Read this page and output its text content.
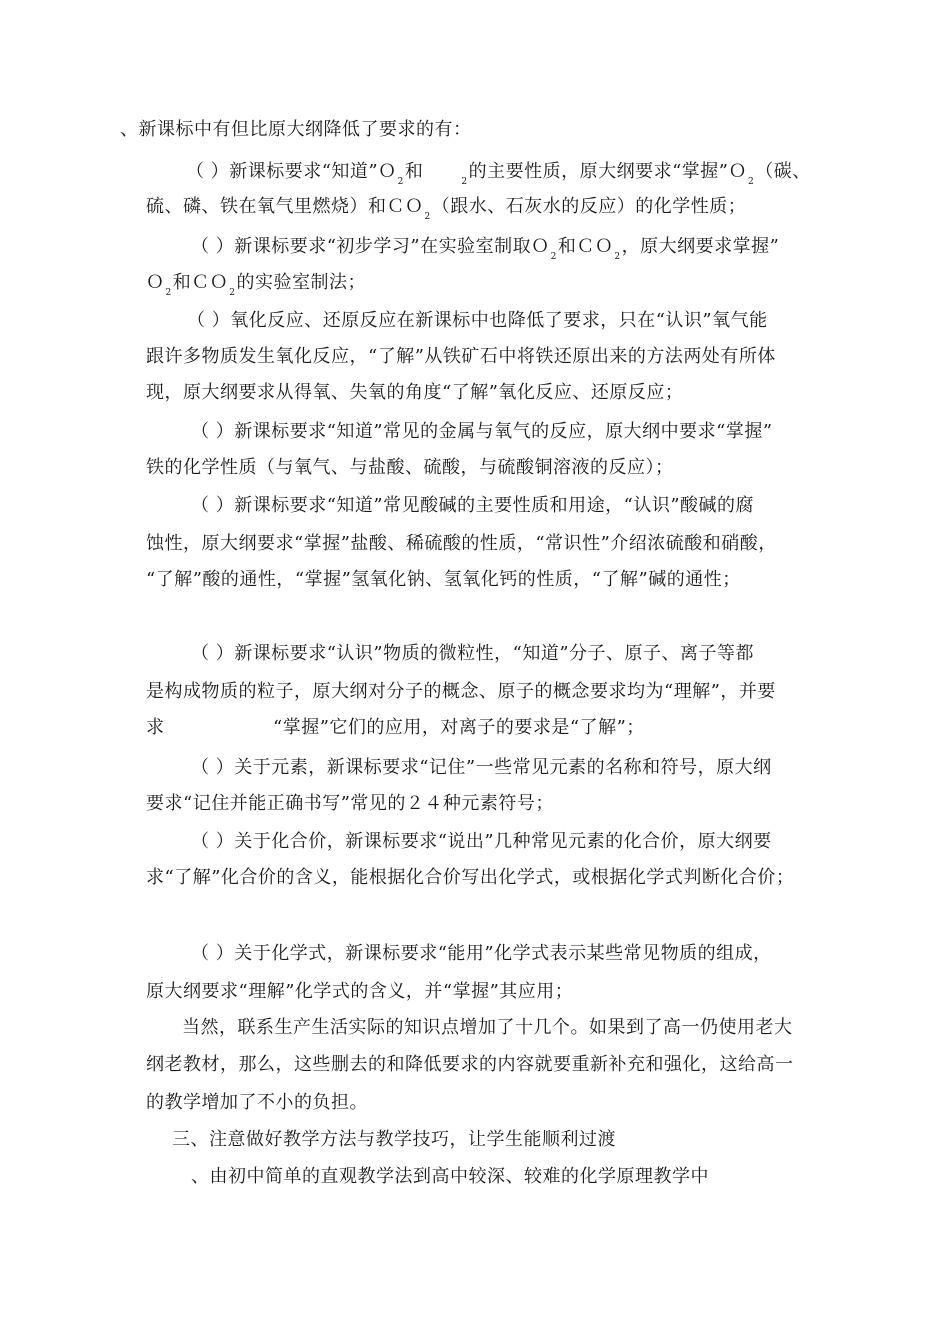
、新课标中有但比原大纲降低了要求的有：
（ ）新课标要求“知道”Ｏ$_2$和　　$_2$的主要性质，原大纲要求“掌握”Ｏ$_2$（碳、
硫、磷、铁在氧气里燃烧）和ＣＯ$_2$（跟水、石灰水的反应）的化学性质；
（ ）新课标要求“初步学习”在实验室制取Ｏ$_2$和ＣＯ$_2$，原大纲要求掌握”
Ｏ$_2$和ＣＯ$_2$的实验室制法；
（ ）氧化反应、还原反应在新课标中也降低了要求，只在“认识”氧气能
跟许多物质发生氧化反应，“了解”从铁矿石中将铁还原出来的方法两处有所体
现，原大纲要求从得氧、失氧的角度“了解”氧化反应、还原反应；
（ ）新课标要求“知道”常见的金属与氧气的反应，原大纲中要求“掌握”
铁的化学性质（与氧气、与盐酸、硫酸，与硫酸铜溶液的反应）；
（ ）新课标要求“知道”常见酸碱的主要性质和用途，“认识”酸碱的腐
蚀性，原大纲要求“掌握”盐酸、稀硫酸的性质，“常识性”介绍浓硫酸和硝酸，
“了解”酸的通性，“掌握”氢氧化钠、氢氧化钙的性质，“了解”碱的通性；
（ ）新课标要求“认识”物质的微粒性，“知道”分子、原子、离子等都
是构成物质的粒子，原大纲对分子的概念、原子的概念要求均为“理解”，并要
求	“掌握”它们的应用，对离子的要求是“了解”；
（ ）关于元素，新课标要求“记住”一些常见元素的名称和符号，原大纲
要求“记住并能正确书写”常见的２４种元素符号；
（ ）关于化合价，新课标要求“说出”几种常见元素的化合价，原大纲要
求“了解”化合价的含义，能根据化合价写出化学式，或根据化学式判断化合价；
（ ）关于化学式，新课标要求“能用”化学式表示某些常见物质的组成，
原大纲要求“理解”化学式的含义，并“掌握”其应用；
当然，联系生产生活实际的知识点增加了十几个。如果到了高一仍使用老大
纲老教材，那么，这些删去的和降低要求的内容就要重新补充和强化，这给高一
的教学增加了不小的负担。
三、注意做好教学方法与教学技巧，让学生能顺利过渡
、由初中简单的直观教学法到高中较深、较难的化学原理教学中
